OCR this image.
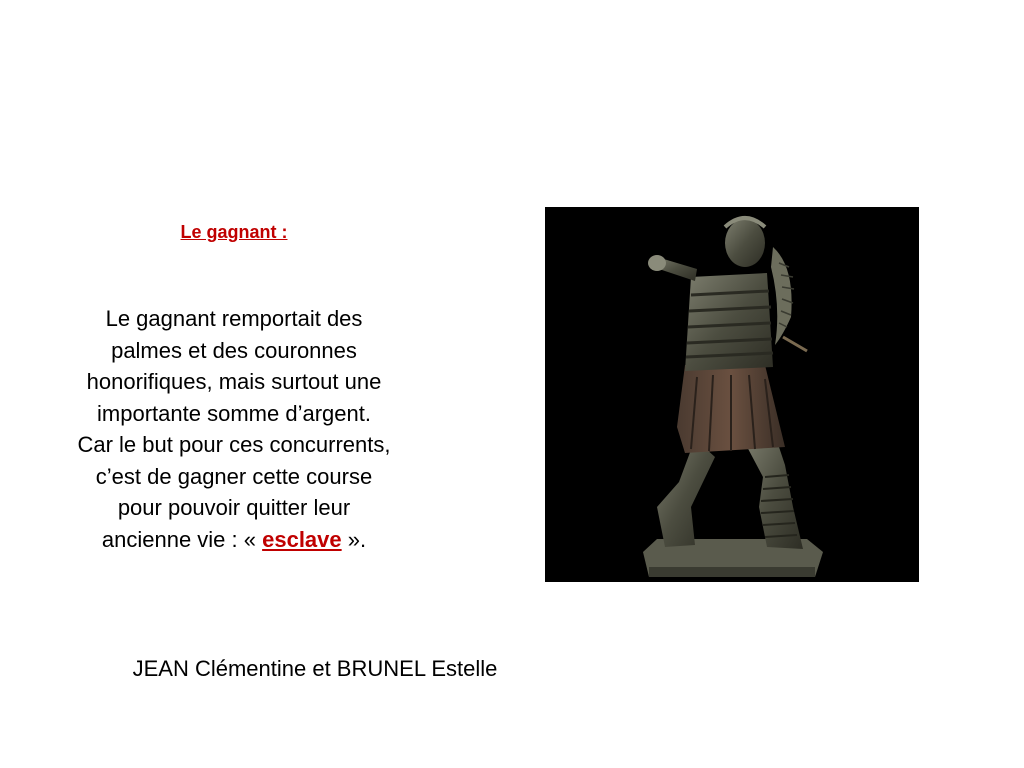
Le gagnant :
Le gagnant remportait des
palmes et des couronnes
honorifiques, mais surtout une
importante somme d’argent.
Car le but pour ces concurrents,
c’est de gagner cette course
pour pouvoir quitter leur
ancienne vie : « esclave ».
JEAN Clémentine et BRUNEL Estelle
